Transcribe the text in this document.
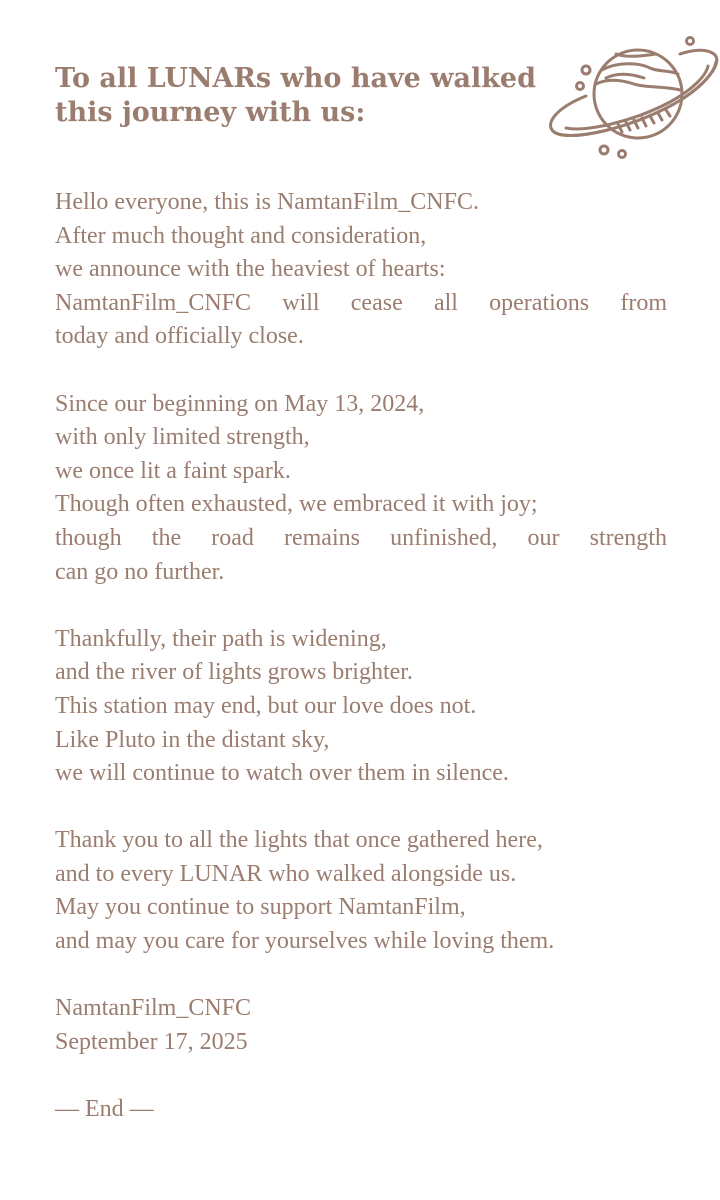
To all LUNARs who have walked
this journey with us:
Hello everyone, this is NamtanFilm_CNFC.
After much thought and consideration,
we announce with the heaviest of hearts:
NamtanFilm_CNFC will cease all operations from
today and officially close.
Since our beginning on May 13, 2024,
with only limited strength,
we once lit a faint spark.
Though often exhausted, we embraced it with joy;
though the road remains unfinished, our strength
can go no further.
Thankfully, their path is widening,
and the river of lights grows brighter.
This station may end, but our love does not.
Like Pluto in the distant sky,
we will continue to watch over them in silence.
Thank you to all the lights that once gathered here,
and to every LUNAR who walked alongside us.
May you continue to support NamtanFilm,
and may you care for yourselves while loving them.
NamtanFilm_CNFC
September 17, 2025
— End —
